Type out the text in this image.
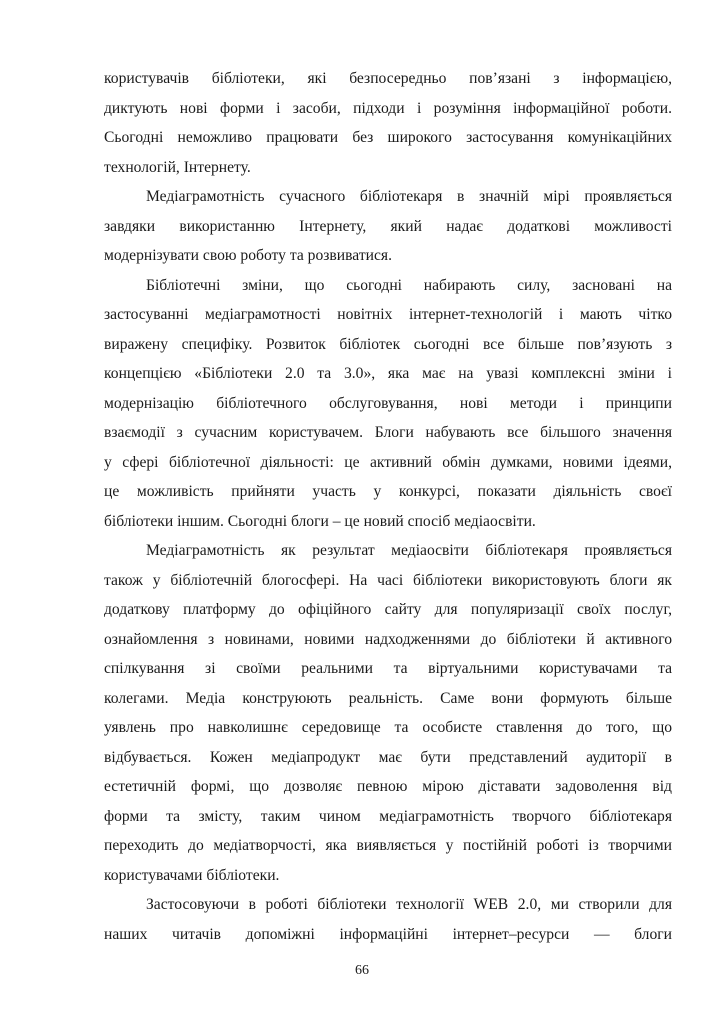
користувачів бібліотеки, які безпосередньо пов’язані з інформацією,
диктують нові форми і засоби, підходи і розуміння інформаційної роботи.
Сьогодні неможливо працювати без широкого застосування комунікаційних
технологій, Інтернету.

Медіаграмотність сучасного бібліотекаря в значній мірі проявляється
завдяки використанню Інтернету, який надає додаткові можливості
модернізувати свою роботу та розвиватися.

Бібліотечні зміни, що сьогодні набирають силу, засновані на
застосуванні медіаграмотності новітніх інтернет-технологій і мають чітко
виражену специфіку. Розвиток бібліотек сьогодні все більше пов’язують з
концепцією «Бібліотеки 2.0 та 3.0», яка має на увазі комплексні зміни і
модернізацію бібліотечного обслуговування, нові методи і принципи
взаємодії з сучасним користувачем. Блоги набувають все більшого значення
у сфері бібліотечної діяльності: це активний обмін думками, новими ідеями,
це можливість прийняти участь у конкурсі, показати діяльність своєї
бібліотеки іншим. Сьогодні блоги – це новий спосіб медіаосвіти.

Медіаграмотність як результат медіаосвіти бібліотекаря проявляється
також у бібліотечній блогосфері. На часі бібліотеки використовують блоги як
додаткову платформу до офіційного сайту для популяризації своїх послуг,
ознайомлення з новинами, новими надходженнями до бібліотеки й активного
спілкування зі своїми реальними та віртуальними користувачами та
колегами. Медіа конструюють реальність. Саме вони формують більше
уявлень про навколишнє середовище та особисте ставлення до того, що
відбувається. Кожен медіапродукт має бути представлений аудиторії в
естетичній формі, що дозволяє певною мірою діставати задоволення від
форми та змісту, таким чином медіаграмотність творчого бібліотекаря
переходить до медіатворчості, яка виявляється у постійній роботі із творчими
користувачами бібліотеки.

Застосовуючи в роботі бібліотеки технології WEB 2.0, ми створили для
наших читачів допоміжні інформаційні інтернет–ресурси — блоги

66
